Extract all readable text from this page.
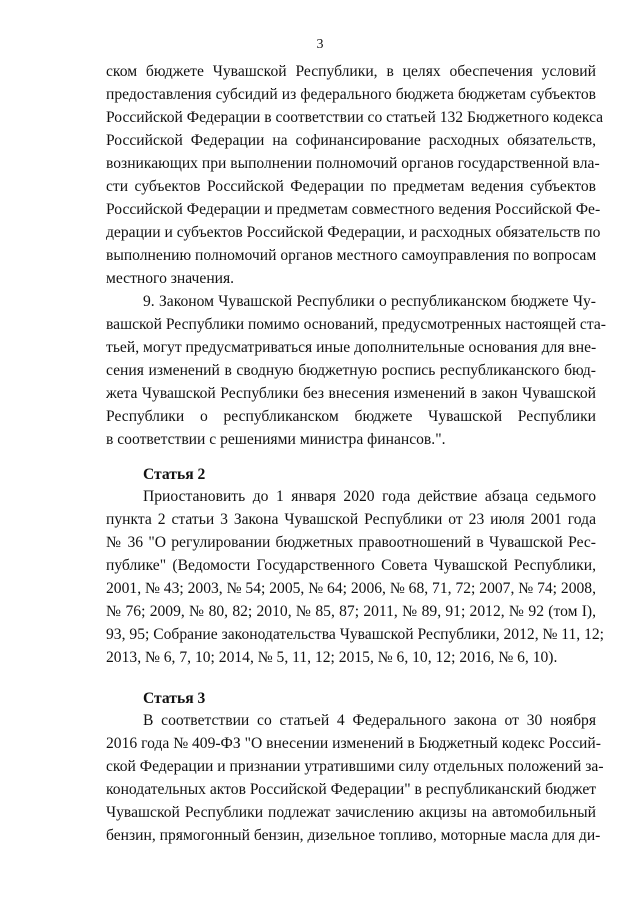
3
ском бюджете Чувашской Республики, в целях обеспечения условий
предоставления субсидий из федерального бюджета бюджетам субъектов
Российской Федерации в соответствии со статьей 132 Бюджетного кодекса
Российской Федерации на софинансирование расходных обязательств,
возникающих при выполнении полномочий органов государственной вла-
сти субъектов Российской Федерации по предметам ведения субъектов
Российской Федерации и предметам совместного ведения Российской Фе-
дерации и субъектов Российской Федерации, и расходных обязательств по
выполнению полномочий органов местного самоуправления по вопросам
местного значения.
9. Законом Чувашской Республики о республиканском бюджете Чу-
вашской Республики помимо оснований, предусмотренных настоящей ста-
тьей, могут предусматриваться иные дополнительные основания для вне-
сения изменений в сводную бюджетную роспись республиканского бюд-
жета Чувашской Республики без внесения изменений в закон Чувашской
Республики о республиканском бюджете Чувашской Республики
в соответствии с решениями министра финансов.".
Статья 2
Приостановить до 1 января 2020 года действие абзаца седьмого
пункта 2 статьи 3 Закона Чувашской Республики от 23 июля 2001 года
№ 36 "О регулировании бюджетных правоотношений в Чувашской Рес-
публике" (Ведомости Государственного Совета Чувашской Республики,
2001, № 43; 2003, № 54; 2005, № 64; 2006, № 68, 71, 72; 2007, № 74; 2008,
№ 76; 2009, № 80, 82; 2010, № 85, 87; 2011, № 89, 91; 2012, № 92 (том I),
93, 95; Собрание законодательства Чувашской Республики, 2012, № 11, 12;
2013, № 6, 7, 10; 2014, № 5, 11, 12; 2015, № 6, 10, 12; 2016, № 6, 10).
Статья 3
В соответствии со статьей 4 Федерального закона от 30 ноября
2016 года № 409-ФЗ "О внесении изменений в Бюджетный кодекс Россий-
ской Федерации и признании утратившими силу отдельных положений за-
конодательных актов Российской Федерации" в республиканский бюджет
Чувашской Республики подлежат зачислению акцизы на автомобильный
бензин, прямогонный бензин, дизельное топливо, моторные масла для ди-
